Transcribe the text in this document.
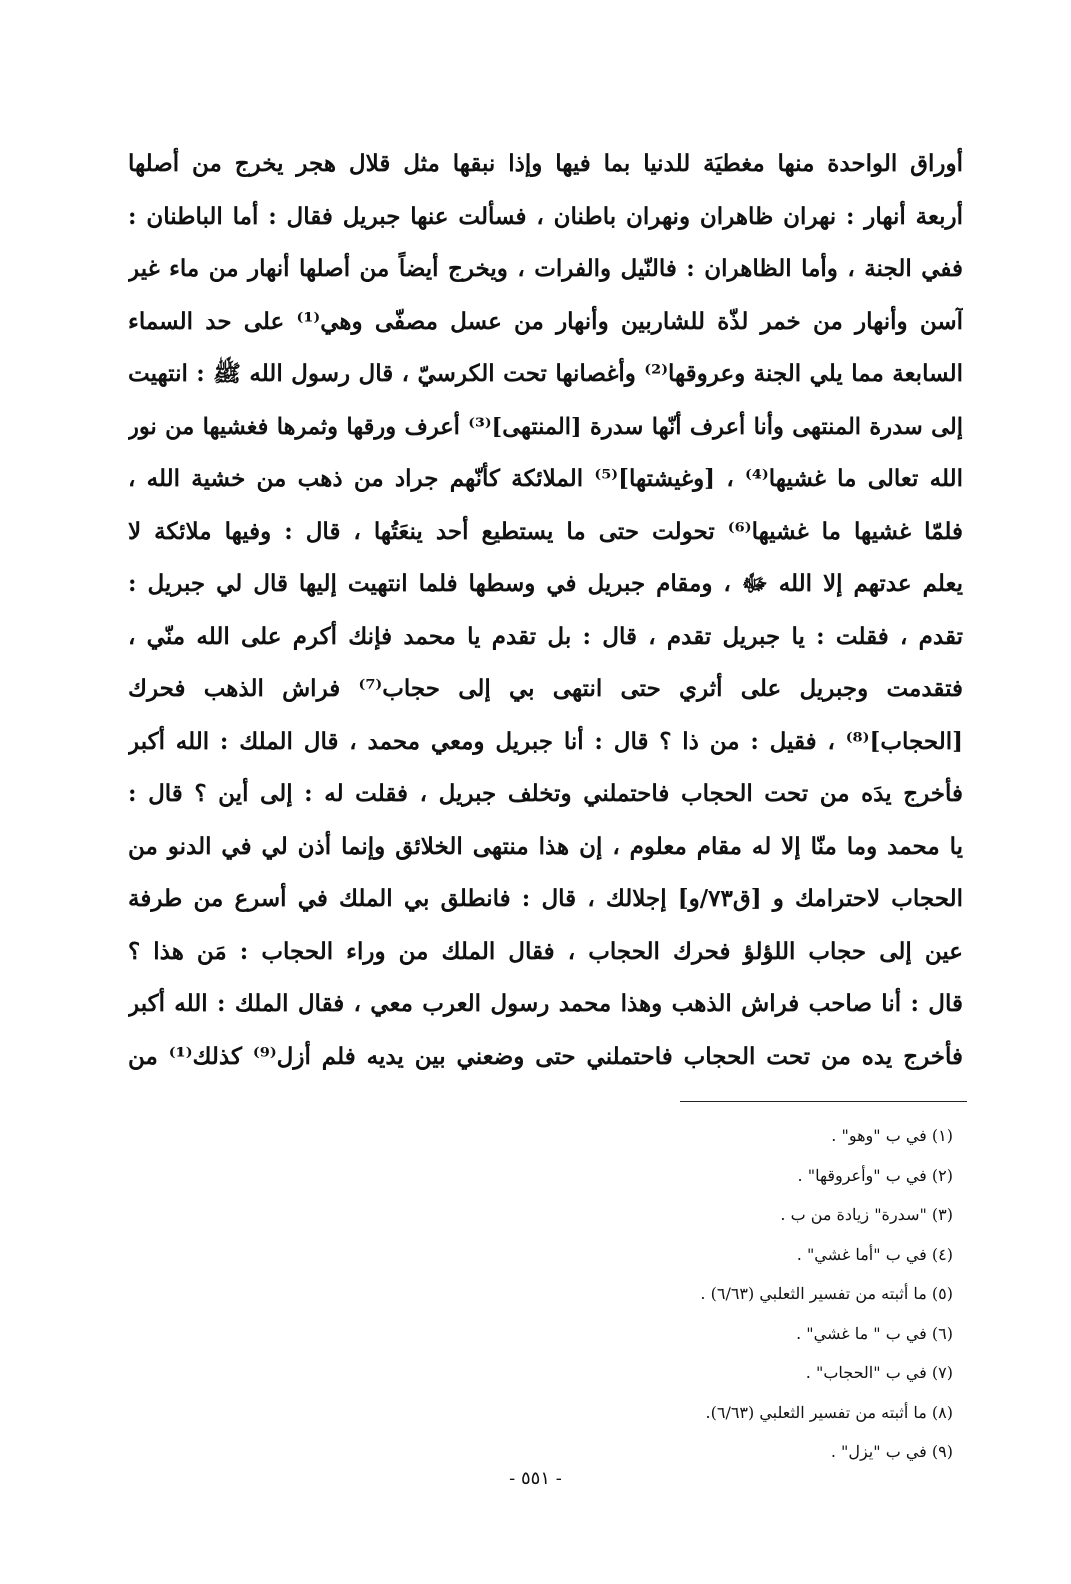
أوراق الواحدة منها مغطيَة للدنيا بما فيها وإذا نبقها مثل قلال هجر يخرج من أصلها
أربعة أنهار : نهران ظاهران ونهران باطنان ، فسألت عنها جبريل فقال : أما الباطنان :
ففي الجنة ، وأما الظاهران : فالنّيل والفرات ، ويخرج أيضاً من أصلها أنهار من ماء غير
آسن وأنهار من خمر لذّة للشاربين وأنهار من عسل مصفّى وهي⁽¹⁾ على حد السماء
السابعة مما يلي الجنة وعروقها⁽²⁾ وأغصانها تحت الكرسيّ ، قال رسول الله ﷺ : انتهيت
إلى سدرة المنتهى وأنا أعرف أنّها سدرة [المنتهى]⁽³⁾ أعرف ورقها وثمرها فغشيها من نور
الله تعالى ما غشيها⁽⁴⁾ ، [وغيشتها]⁽⁵⁾ الملائكة كأنّهم جراد من ذهب من خشية الله ،
فلمّا غشيها ما غشيها⁽⁶⁾ تحولت حتى ما يستطيع أحد ينعَتُها ، قال : وفيها ملائكة لا
يعلم عدتهم إلا الله ﷻ ، ومقام جبريل في وسطها فلما انتهيت إليها قال لي جبريل :
تقدم ، فقلت : يا جبريل تقدم ، قال : بل تقدم يا محمد فإنك أكرم على الله منّي ،
فتقدمت وجبريل على أثري حتى انتهى بي إلى حجاب⁽⁷⁾ فراش الذهب فحرك
[الحجاب]⁽⁸⁾ ، فقيل : من ذا ؟ قال : أنا جبريل ومعي محمد ، قال الملك : الله أكبر
فأخرج يدَه من تحت الحجاب فاحتملني وتخلف جبريل ، فقلت له : إلى أين ؟ قال :
يا محمد وما منّا إلا له مقام معلوم ، إن هذا منتهى الخلائق وإنما أذن لي في الدنو من
الحجاب لاحترامك و [ق٧٣/و] إجلالك ، قال : فانطلق بي الملك في أسرع من طرفة
عين إلى حجاب اللؤلؤ فحرك الحجاب ، فقال الملك من وراء الحجاب : مَن هذا ؟
قال : أنا صاحب فراش الذهب وهذا محمد رسول العرب معي ، فقال الملك : الله أكبر
فأخرج يده من تحت الحجاب فاحتملني حتى وضعني بين يديه فلم أزل⁽⁹⁾ كذلك⁽¹⁾ من
(١) في ب "وهو" .
(٢) في ب "وأعروقها" .
(٣) "سدرة" زيادة من ب .
(٤) في ب "أما غشي" .
(٥) ما أثبته من تفسير الثعلبي (٦/٦٣) .
(٦) في ب " ما غشي" .
(٧) في ب "الحجاب" .
(٨) ما أثبته من تفسير الثعلبي (٦/٦٣).
(٩) في ب "يزل" .
- ٥٥١ -
